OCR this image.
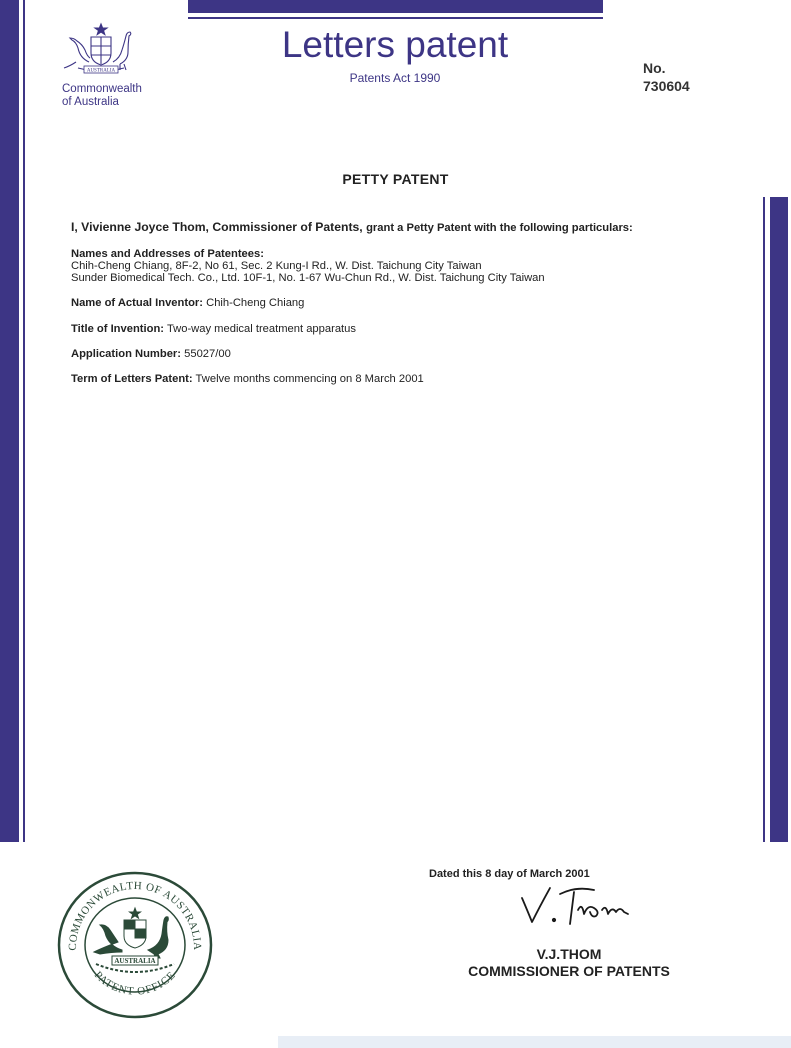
AUSTRALIA
Commonwealth
of Australia
Letters patent
Patents Act 1990
No.
730604
PETTY PATENT
I, Vivienne Joyce Thom, Commissioner of Patents, grant a Petty Patent with the following particulars:
Names and Addresses of Patentees:
Chih-Cheng Chiang, 8F-2, No 61, Sec. 2 Kung-I Rd., W. Dist. Taichung City Taiwan
Sunder Biomedical Tech. Co., Ltd. 10F-1, No. 1-67 Wu-Chun Rd., W. Dist. Taichung City Taiwan
Name of Actual Inventor: Chih-Cheng Chiang
Title of Invention: Two-way medical treatment apparatus
Application Number: 55027/00
Term of Letters Patent: Twelve months commencing on 8 March 2001
Dated this 8 day of March 2001
V.J.THOM
COMMISSIONER OF PATENTS
COMMONWEALTH OF AUSTRALIA
PATENT OFFICE
AUSTRALIA
